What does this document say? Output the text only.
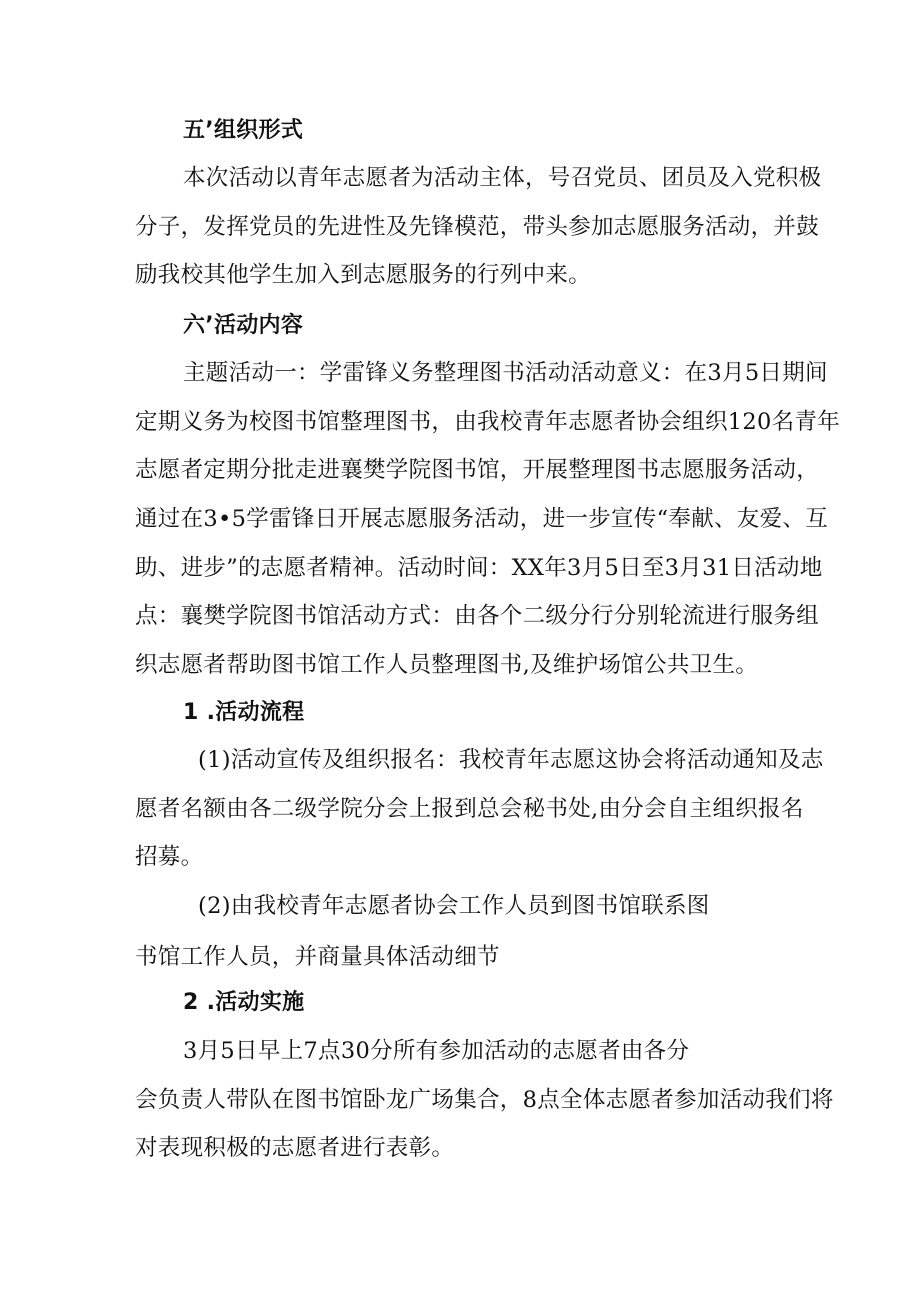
五’组织形式
本次活动以青年志愿者为活动主体，号召党员、团员及入党积极
分子，发挥党员的先进性及先锋模范，带头参加志愿服务活动，并鼓
励我校其他学生加入到志愿服务的行列中来。
六’活动内容
主题活动一：学雷锋义务整理图书活动活动意义：在3月5日期间
定期义务为校图书馆整理图书，由我校青年志愿者协会组织120名青年
志愿者定期分批走进襄樊学院图书馆，开展整理图书志愿服务活动，
通过在3•5学雷锋日开展志愿服务活动，进一步宣传“奉献、友爱、互
助、进步”的志愿者精神。活动时间：XX年3月5日至3月31日活动地
点：襄樊学院图书馆活动方式：由各个二级分行分别轮流进行服务组
织志愿者帮助图书馆工作人员整理图书,及维护场馆公共卫生。
1 .活动流程
(1)活动宣传及组织报名：我校青年志愿这协会将活动通知及志
愿者名额由各二级学院分会上报到总会秘书处,由分会自主组织报名
招募。
(2)由我校青年志愿者协会工作人员到图书馆联系图
书馆工作人员，并商量具体活动细节
2 .活动实施
3月5日早上7点30分所有参加活动的志愿者由各分
会负责人带队在图书馆卧龙广场集合，8点全体志愿者参加活动我们将
对表现积极的志愿者进行表彰。
